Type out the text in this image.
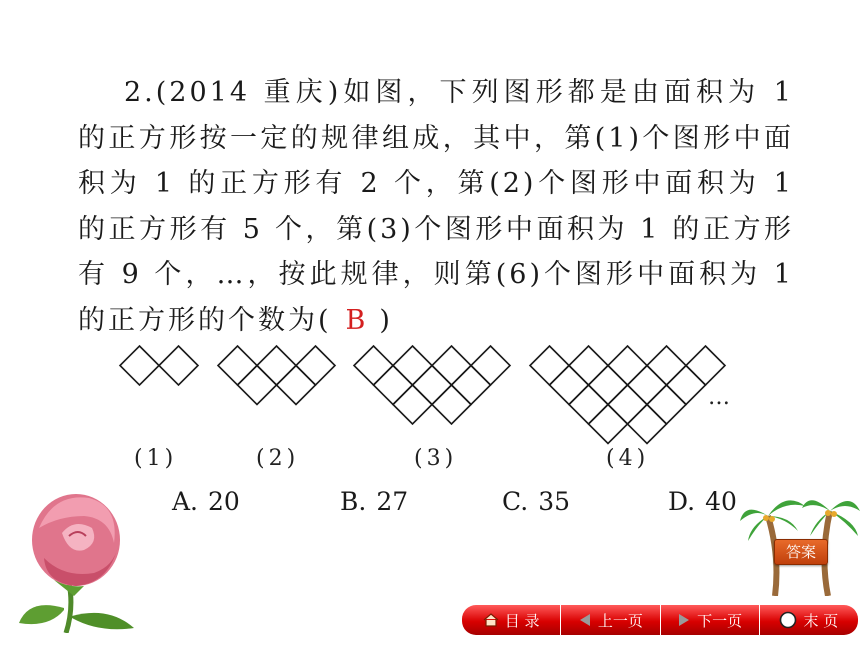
2.(2014 重庆)如图，下列图形都是由面积为 1 的正方形按一定的规律组成，其中，第(1)个图形中面积为 1 的正方形有 2 个，第(2)个图形中面积为 1 的正方形有 5 个，第(3)个图形中面积为 1 的正方形有 9 个，…，按此规律，则第(6)个图形中面积为 1 的正方形的个数为( B )

(1)	(2)	(3)	(4)
…
A. 20	B. 27	C. 35	D. 40
答案
目 录	上一页	下一页	末 页
